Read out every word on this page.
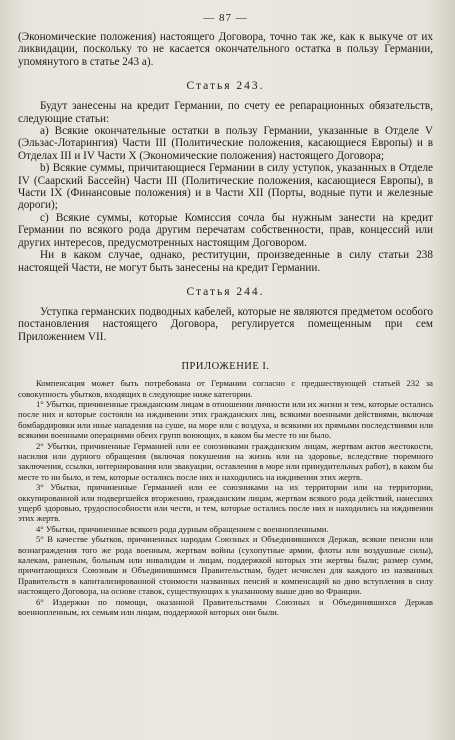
— 87 —

(Экономические положения) настоящего Договора, точно так же, как к выкуче от их ликвидации, поскольку то не касается окончательного остатка в пользу Германии, упомянутого в статье 243 а).

Статья 243.

Будут занесены на кредит Германии, по счету ее репарационных обязательств, следующие статьи:

a) Всякие окончательные остатки в пользу Германии, указанные в Отделе V (Эльзас-Лотарингия) Части III (Политические положения, касающиеся Европы) и в Отделах III и IV Части X (Экономические положения) настоящего Договора;

b) Всякие суммы, причитающиеся Германии в силу уступок, указанных в Отделе IV (Саарский Бассейн) Части III (Политические положения, касающиеся Европы), в Части IX (Финансовые положения) и в Части XII (Порты, водные пути и железные дороги);

c) Всякие суммы, которые Комиссия сочла бы нужным занести на кредит Германии по всякого рода другим перечатам собственности, прав, концессий или других интересов, предусмотренных настоящим Договором.

Ни в каком случае, однако, реституции, произведенные в силу статьи 238 настоящей Части, не могут быть занесены на кредит Германии.

Статья 244.

Уступка германских подводных кабелей, которые не являются предметом особого постановления настоящего Договора, регулируется помещенным при сем Приложением VII.

ПРИЛОЖЕНИЕ I.

Компенсация может быть потребована от Германии согласно с предшествующей статьей 232 за совокупность убытков, входящих в следующие ниже категории.

1° Убытки, причиненные гражданским лицам в отношении личности или их жизни и тем, которые остались после них и которые состояли на иждивении этих гражданских лиц, всякими военными действиями, включая бомбардировки или иные нападения на суше, на море или с воздуха, и всякими их прямыми последствиями или всякими военными операциями обеих групп воюющих, в каком бы месте то ни было.

2° Убытки, причиненные Германией или ее союзниками гражданским лицам, жертвам актов жестокости, насилия или дурного обращения (включая покушения на жизнь или на здоровье, вследствие тюремного заключения, ссылки, интернирования или эвакуации, оставления в море или принудительных работ), в каком бы месте то ни было, и тем, которые остались после них и находились на иждивении этих жертв.

3° Убытки, причиненные Германией или ее союзниками на их территории или на территории, оккупированной или подвергшейся вторжению, гражданским лицам, жертвам всякого рода действий, нанесших ущерб здоровью, трудоспособности или чести, и тем, которые остались после них и находились на иждивении этих жертв.

4° Убытки, причиненные всякого рода дурным обращением с военнопленными.

5° В качестве убытков, причиненных народам Союзных и Объединившихся Держав, всякие пенсии или вознаграждения того же рода военным, жертвам войны (сухопутные армии, флоты или воздушные силы), калекам, раненым, больным или инвалидам и лицам, поддержкой которых эти жертвы были; размер сумм, причитающихся Союзным и Объединившимся Правительствам, будет исчислен для каждого из названных Правительств в капитализированной стоимости названных пенсий и компенсаций ко дню вступления в силу настоящего Договора, на основе ставок, существующих к указанному выше дню во Франции.

6° Издержки по помощи, оказанной Правительствами Союзных и Объединившихся Держав военнопленным, их семьям или лицам, поддержкой которых они были.
